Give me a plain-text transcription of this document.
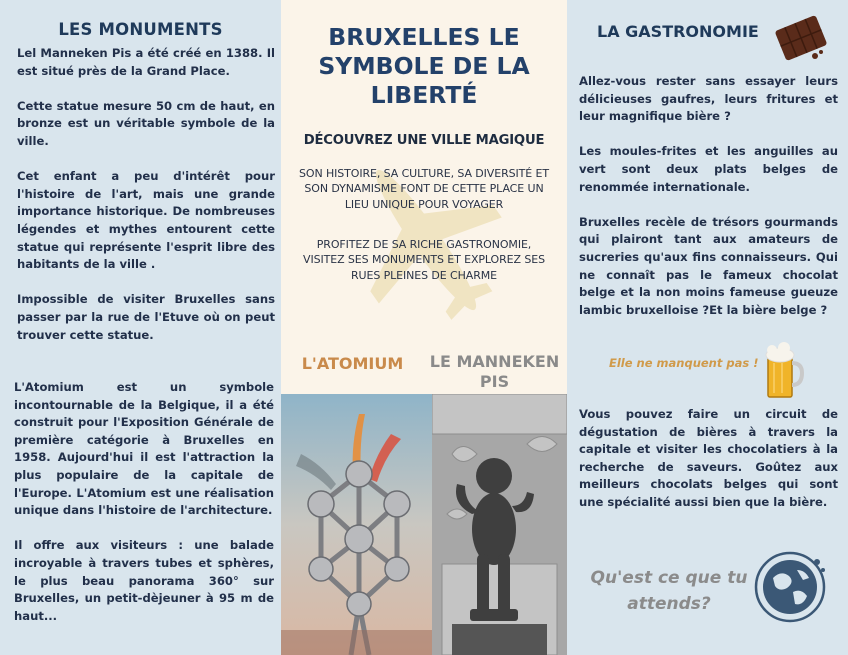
LES MONUMENTS

Lel Manneken Pis a été créé en 1388. Il est situé près de la Grand Place.

Cette statue mesure 50 cm de haut, en bronze est un véritable symbole de la ville.

Cet enfant a peu d'intérêt pour l'histoire de l'art, mais une grande importance historique. De nombreuses légendes et mythes entourent cette statue qui représente l'esprit libre des habitants de la ville .

Impossible de visiter Bruxelles sans passer par la rue de l'Etuve où on peut trouver cette statue.

L'Atomium est un symbole incontournable de la Belgique, il a été construit pour l'Exposition Générale de première catégorie à Bruxelles en 1958. Aujourd'hui il est l'attraction la plus populaire de la capitale de l'Europe. L'Atomium est une réalisation unique dans l'histoire de l'architecture.

Il offre aux visiteurs : une balade incroyable à travers tubes et sphères, le plus beau panorama 360° sur Bruxelles, un petit-dèjeuner à 95 m de haut...

BRUXELLES LE SYMBOLE DE LA LIBERTÉ
DÉCOUVREZ UNE VILLE MAGIQUE
SON HISTOIRE, SA CULTURE, SA DIVERSITÉ ET SON DYNAMISME FONT DE CETTE PLACE UN LIEU UNIQUE POUR VOYAGER
PROFITEZ DE SA RICHE GASTRONOMIE, VISITEZ SES MONUMENTS ET EXPLOREZ SES RUES PLEINES DE CHARME
L'ATOMIUM	LE MANNEKEN PIS
LA GASTRONOMIE

Allez-vous rester sans essayer leurs délicieuses gaufres, leurs fritures et leur magnifique bière ?

Les moules-frites et les anguilles au vert sont deux plats belges de renommée internationale.

Bruxelles recèle de trésors gourmands qui plairont tant aux amateurs de sucreries qu'aux fins connaisseurs. Qui ne connaît pas le fameux chocolat belge et la non moins fameuse gueuze lambic bruxelloise ?Et la bière belge ?

Elle ne manquent pas !
Vous pouvez faire un circuit de dégustation de bières à travers la capitale et visiter les chocolatiers à la recherche de saveurs. Goûtez aux meilleurs chocolats belges qui sont une spécialité aussi bien que la bière.
Qu'est ce que tu attends?
